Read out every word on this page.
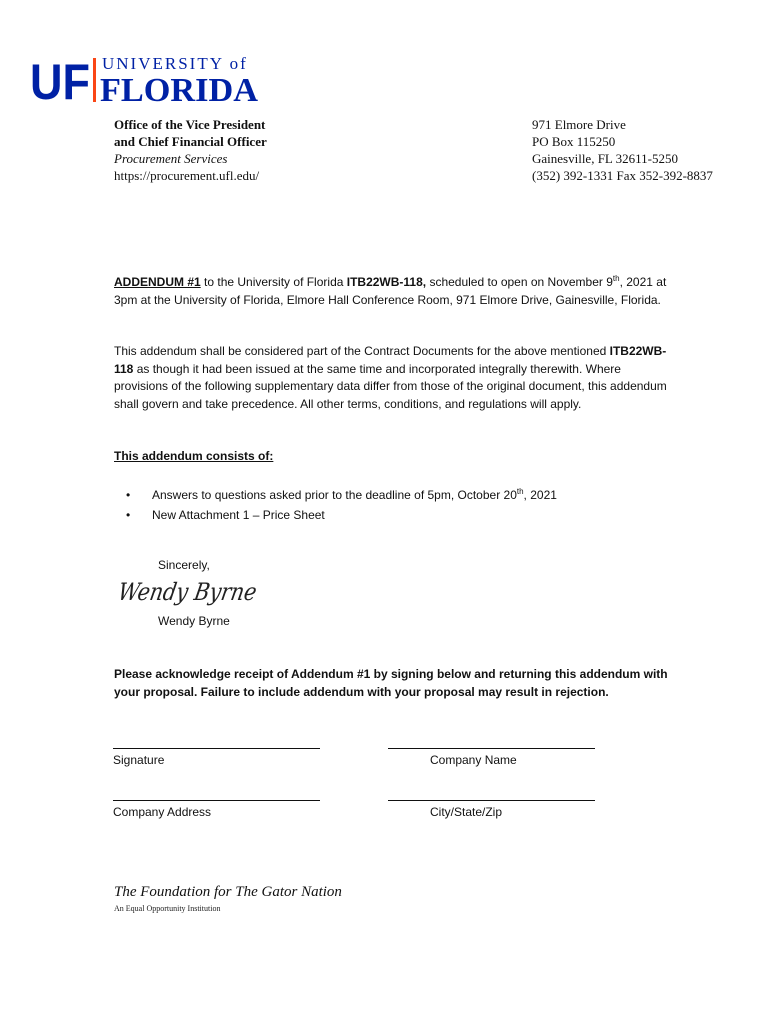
UF UNIVERSITY of
FLORIDA
Office of the Vice President
and Chief Financial Officer
Procurement Services
https://procurement.ufl.edu/
971 Elmore Drive
PO Box 115250
Gainesville, FL 32611-5250
(352) 392-1331 Fax 352-392-8837
ADDENDUM #1 to the University of Florida ITB22WB-118, scheduled to open on November 9th, 2021 at 3pm at the University of Florida, Elmore Hall Conference Room, 971 Elmore Drive, Gainesville, Florida.
This addendum shall be considered part of the Contract Documents for the above mentioned ITB22WB-118 as though it had been issued at the same time and incorporated integrally therewith. Where provisions of the following supplementary data differ from those of the original document, this addendum shall govern and take precedence. All other terms, conditions, and regulations will apply.
This addendum consists of:
• Answers to questions asked prior to the deadline of 5pm, October 20th, 2021
• New Attachment 1 – Price Sheet
Sincerely,
Wendy Byrne
Wendy Byrne
Please acknowledge receipt of Addendum #1 by signing below and returning this addendum with your proposal. Failure to include addendum with your proposal may result in rejection.
Signature	Company Name
Company Address	City/State/Zip
The Foundation for The Gator Nation
An Equal Opportunity Institution
